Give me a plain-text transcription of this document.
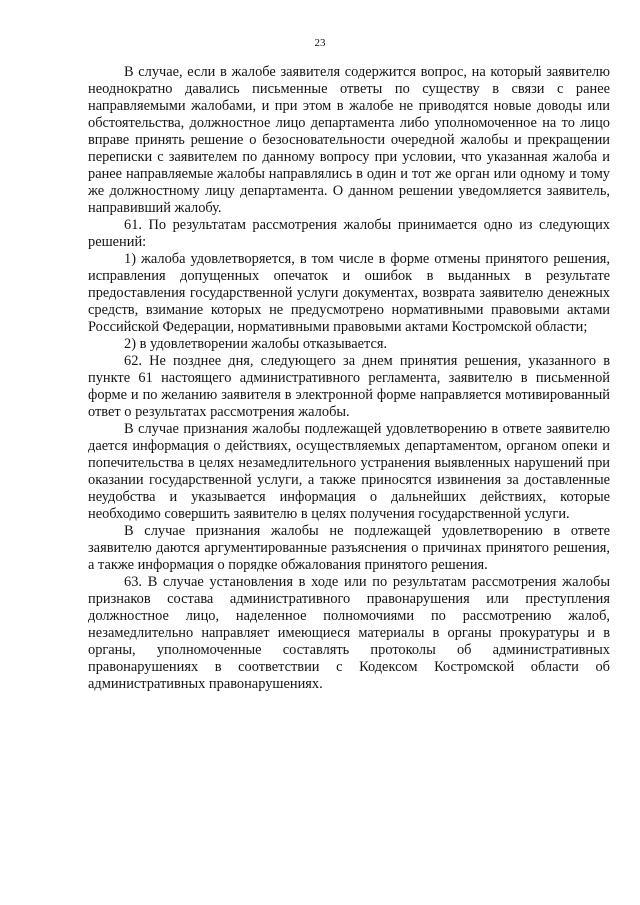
23

В случае, если в жалобе заявителя содержится вопрос, на который заявителю неоднократно давались письменные ответы по существу в связи с ранее направляемыми жалобами, и при этом в жалобе не приводятся новые доводы или обстоятельства, должностное лицо департамента либо уполномоченное на то лицо вправе принять решение о безосновательности очередной жалобы и прекращении переписки с заявителем по данному вопросу при условии, что указанная жалоба и ранее направляемые жалобы направлялись в один и тот же орган или одному и тому же должностному лицу департамента. О данном решении уведомляется заявитель, направивший жалобу.

61. По результатам рассмотрения жалобы принимается одно из следующих решений:

1) жалоба удовлетворяется, в том числе в форме отмены принятого решения, исправления допущенных опечаток и ошибок в выданных в результате предоставления государственной услуги документах, возврата заявителю денежных средств, взимание которых не предусмотрено нормативными правовыми актами Российской Федерации, нормативными правовыми актами Костромской области;

2) в удовлетворении жалобы отказывается.

62. Не позднее дня, следующего за днем принятия решения, указанного в пункте 61 настоящего административного регламента, заявителю в письменной форме и по желанию заявителя в электронной форме направляется мотивированный ответ о результатах рассмотрения жалобы.

В случае признания жалобы подлежащей удовлетворению в ответе заявителю дается информация о действиях, осуществляемых департаментом, органом опеки и попечительства в целях незамедлительного устранения выявленных нарушений при оказании государственной услуги, а также приносятся извинения за доставленные неудобства и указывается информация о дальнейших действиях, которые необходимо совершить заявителю в целях получения государственной услуги.

В случае признания жалобы не подлежащей удовлетворению в ответе заявителю даются аргументированные разъяснения о причинах принятого решения, а также информация о порядке обжалования принятого решения.

63. В случае установления в ходе или по результатам рассмотрения жалобы признаков состава административного правонарушения или преступления должностное лицо, наделенное полномочиями по рассмотрению жалоб, незамедлительно направляет имеющиеся материалы в органы прокуратуры и в органы, уполномоченные составлять протоколы об административных правонарушениях в соответствии с Кодексом Костромской области об административных правонарушениях.
